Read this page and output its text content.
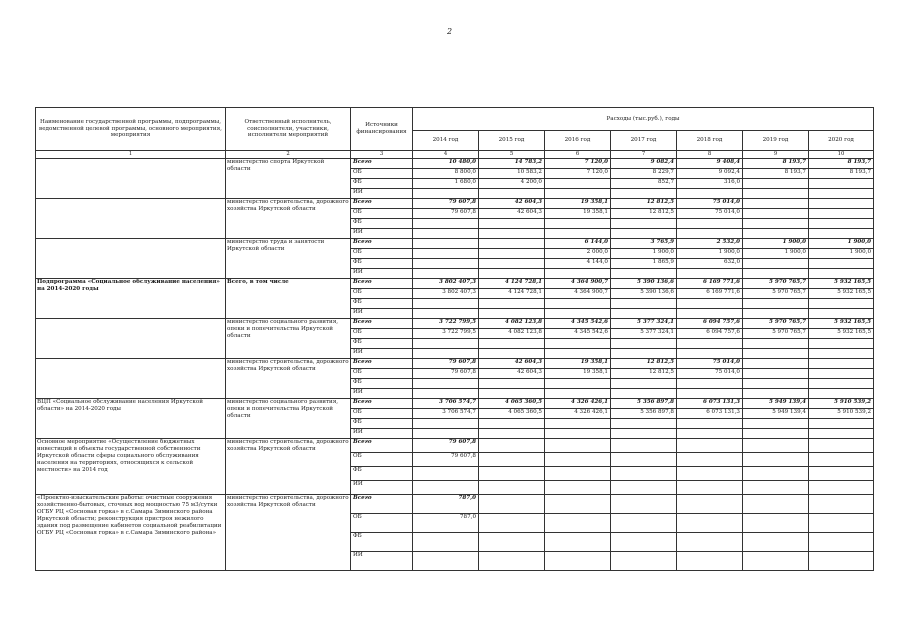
2
Наименование государственной программы, подпрограммы, ведомственной целевой программы, основного мероприятия, мероприятия	Ответственный исполнитель, соисполнители, участники, исполнители мероприятий	Источники финансирования	Расходы (тыс.руб.), годы						
			2014 год	2015 год	2016 год	2017 год	2018 год	2019 год	2020 год
1	2	3	4	5	6	7	8	9	10
	министерство спорта Иркутской области	Всего	10 480,0	14 783,2	7 120,0	9 082,4	9 408,4	8 193,7	8 193,7
		ОБ	8 800,0	10 583,2	7 120,0	8 229,7	9 092,4	8 193,7	8 193,7
		ФБ	1 680,0	4 200,0		852,7	316,0		
		ИИ							
	министерство строительства, дорожного хозяйства Иркутской области	Всего	79 607,8	42 604,3	19 358,1	12 812,5	75 014,0		
		ОБ	79 607,8	42 604,3	19 358,1	12 812,5	75 014,0		
		ФБ							
		ИИ							
	министерство труда и занятости Иркутской области	Всего			6 144,0	3 765,9	2 532,0	1 900,0	1 900,0
		ОБ			2 000,0	1 900,0	1 900,0	1 900,0	1 900,0
		ФБ			4 144,0	1 865,9	632,0		
		ИИ							
Подпрограмма «Социальное обслуживание населения» на 2014-2020 годы	Всего, в том числе	Всего	3 802 407,3	4 124 728,1	4 364 900,7	5 390 136,6	6 169 771,6	5 970 765,7	5 932 165,5
		ОБ	3 802 407,3	4 124 728,1	4 364 900,7	5 390 136,6	6 169 771,6	5 970 765,7	5 932 165,5
		ФБ							
		ИИ							
	министерство социального развития, опеки и попечительства Иркутской области	Всего	3 722 799,5	4 082 123,8	4 345 542,6	5 377 324,1	6 094 757,6	5 970 765,7	5 932 165,5
		ОБ	3 722 799,5	4 082 123,8	4 345 542,6	5 377 324,1	6 094 757,6	5 970 765,7	5 932 165,5
		ФБ							
		ИИ							
	министерство строительства, дорожного хозяйства Иркутской области	Всего	79 607,8	42 604,3	19 358,1	12 812,5	75 014,0		
		ОБ	79 607,8	42 604,3	19 358,1	12 812,5	75 014,0		
		ФБ							
		ИИ							
ВЦП «Социальное обслуживание населения Иркутской области» на 2014-2020 годы	министерство социального развития, опеки и попечительства Иркутской области	Всего	3 706 574,7	4 065 360,5	4 326 426,1	5 356 897,8	6 073 131,3	5 949 139,4	5 910 539,2
		ОБ	3 706 574,7	4 065 360,5	4 326 426,1	5 356 897,8	6 073 131,3	5 949 139,4	5 910 539,2
		ФБ							
		ИИ							
Основное мероприятие «Осуществление бюджетных инвестиций в объекты государственной собственности Иркутской области сферы социального обслуживания населения на территориях, относящихся к сельской местности» на 2014 год	министерство строительства, дорожного хозяйства Иркутской области	Всего	79 607,8						
		ОБ	79 607,8						
		ФБ							
		ИИ							
«Проектно-изыскательские работы: очистные сооружения хозяйственно-бытовых, сточных вод мощностью 75 м3/сутки ОГБУ РЦ «Сосновая горка» в с.Самара Зиминского района Иркутской области; реконструкция пристроя нежилого здания под размещение кабинетов социальной реабилитации ОГБУ РЦ «Сосновая горка» в с.Самара Зиминского района»	министерство строительства, дорожного хозяйства Иркутской области	Всего	787,0						
		ОБ	787,0						
		ФБ							
		ИИ							
